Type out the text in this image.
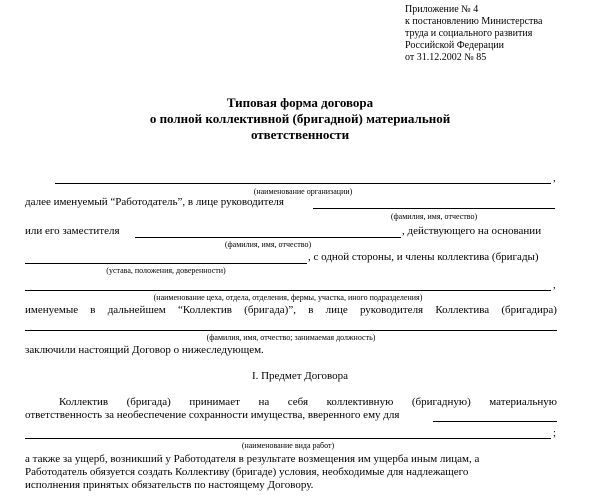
Приложение № 4
к постановлению Министерства
труда и социального развития
Российской Федерации
от 31.12.2002 № 85
Типовая форма договора
о полной коллективной (бригадной) материальной
ответственности
,
(наименование организации)
далее именуемый “Работодатель”, в лице руководителя
(фамилия, имя, отчество)
или его заместителя	, действующего на основании
(фамилия, имя, отчество)
, с одной стороны, и члены коллектива (бригады)
(устава, положения, доверенности)
,
(наименование цеха, отдела, отделения, фермы, участка, иного подразделения)
именуемые в дальнейшем “Коллектив (бригада)”, в лице руководителя Коллектива (бригадира)
(фамилия, имя, отчество; занимаемая должность)
заключили настоящий Договор о нижеследующем.
I. Предмет Договора
Коллектив (бригада) принимает на себя коллективную (бригадную) материальную
ответственность за необеспечение сохранности имущества, вверенного ему для
;
(наименование вида работ)
а также за ущерб, возникший у Работодателя в результате возмещения им ущерба иным лицам, а
Работодатель обязуется создать Коллективу (бригаде) условия, необходимые для надлежащего
исполнения принятых обязательств по настоящему Договору.
